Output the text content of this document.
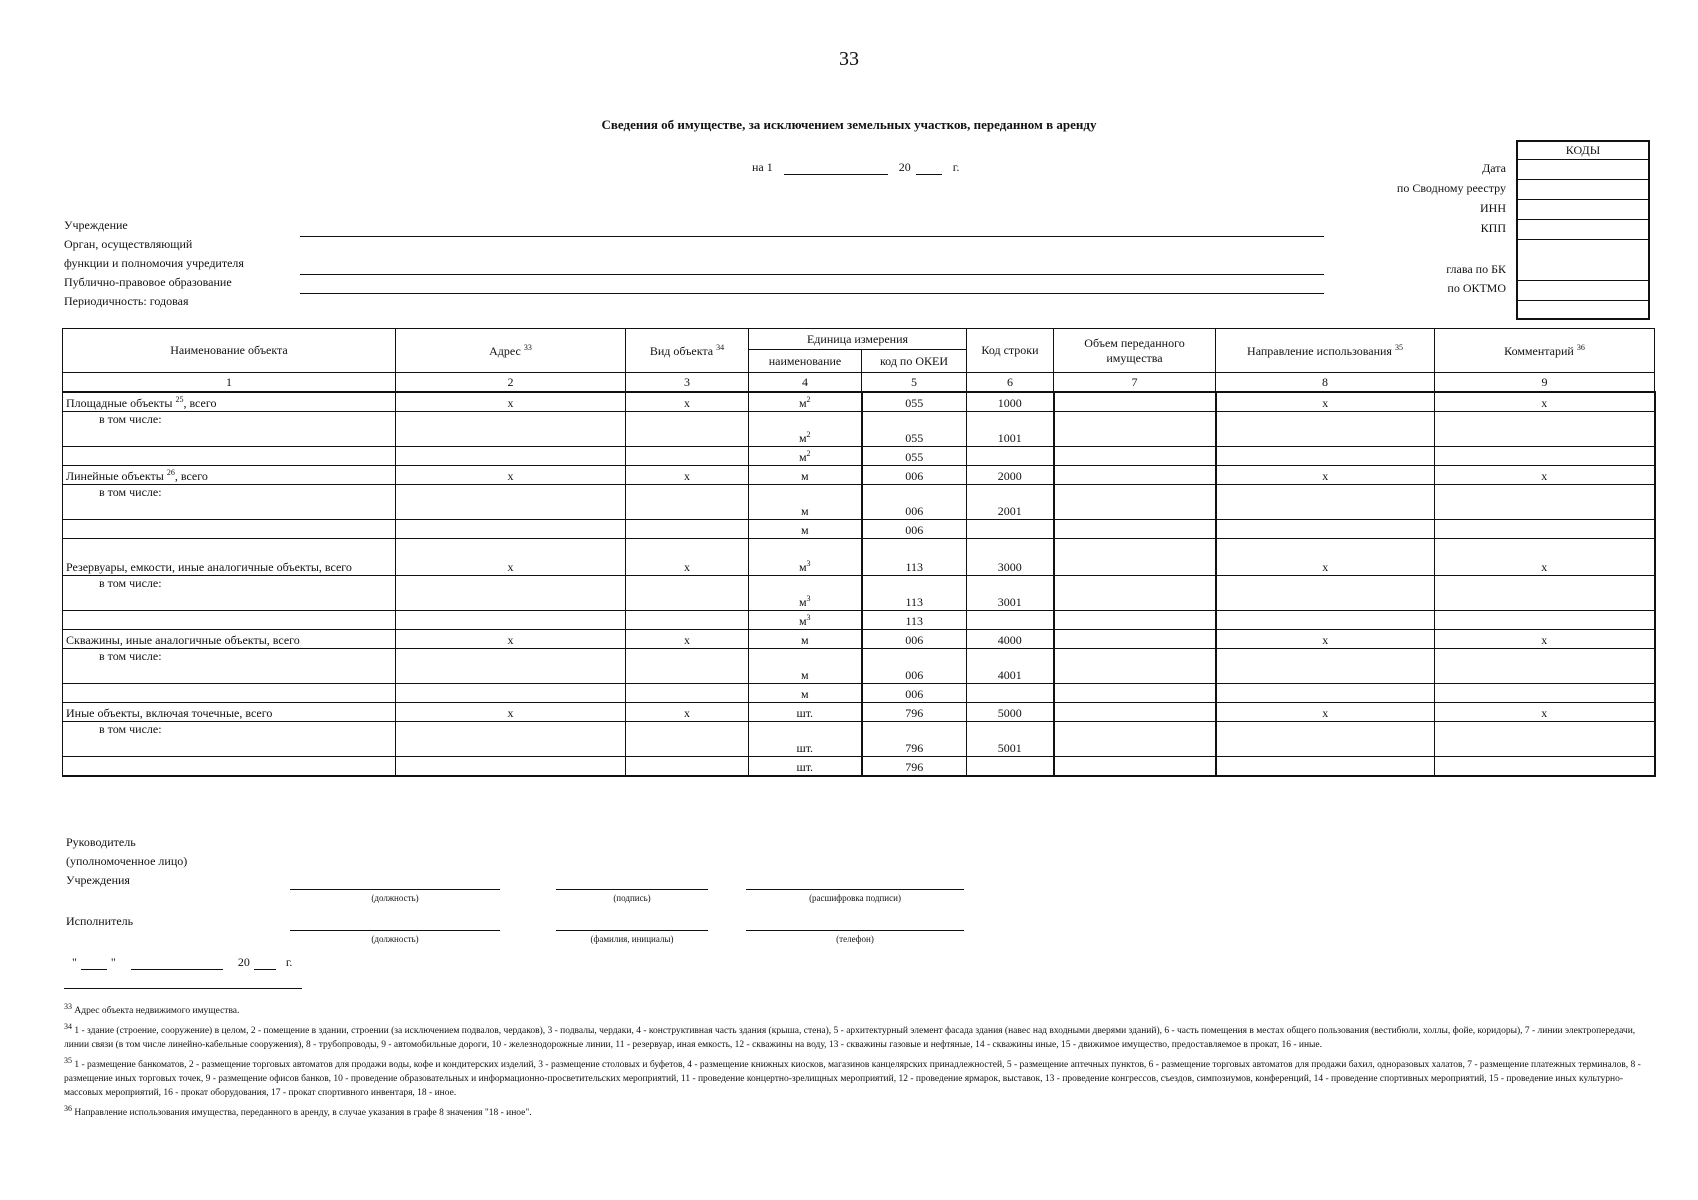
33
Сведения об имуществе, за исключением земельных участков, переданном в аренду
на 1	20	г.
Учреждение
Орган, осуществляющий
функции и полномочия учредителя
Публично-правовое образование
Периодичность: годовая
Дата
по Сводному реестру
ИНН
КПП
глава по БК
по ОКТМО
КОДЫ
Наименование объекта	Адрес $^{33}$	Вид объекта $^{34}$	Единица измерения		Код строки	Объем переданного имущества	Направление использования $^{35}$	Комментарий $^{36}$
			наименование	код по ОКЕИ				
1	2	3	4	5	6	7	8	9
Площадные объекты $^{25}$, всего	x	x	$м^2$	055	1000		x	x
в том числе:			$м^2$	055	1001			
			$м^2$	055				
Линейные объекты $^{26}$, всего	x	x	м	006	2000		x	x
в том числе:			м	006	2001			
			м	006				
Резервуары, емкости, иные аналогичные объекты, всего	x	x	$м^3$	113	3000		x	x
в том числе:			$м^3$	113	3001			
			$м^3$	113				
Скважины, иные аналогичные объекты, всего	x	x	м	006	4000		x	x
в том числе:			м	006	4001			
			м	006				
Иные объекты, включая точечные, всего	x	x	шт.	796	5000		x	x
в том числе:			шт.	796	5001			
			шт.	796				
Руководитель
(уполномоченное лицо)
Учреждения
(должность)	(подпись)	(расшифровка подписи)
Исполнитель
(должность)	(фамилия, инициалы)	(телефон)
"	"	20	г.
$^{33}$ Адрес объекта недвижимого имущества.
$^{34}$ 1 - здание (строение, сооружение) в целом, 2 - помещение в здании, строении (за исключением подвалов, чердаков), 3 - подвалы, чердаки, 4 - конструктивная часть здания (крыша, стена), 5 - архитектурный элемент фасада здания (навес над входными дверями зданий), 6 - часть помещения в местах общего пользования (вестибюли, холлы, фойе, коридоры), 7 - линии электропередачи, линии связи (в том числе линейно-кабельные сооружения), 8 - трубопроводы, 9 - автомобильные дороги, 10 - железнодорожные линии, 11 - резервуар, иная емкость, 12 - скважины на воду, 13 - скважины газовые и нефтяные, 14 - скважины иные, 15 - движимое имущество, предоставляемое в прокат, 16 - иные.
$^{35}$ 1 - размещение банкоматов, 2 - размещение торговых автоматов для продажи воды, кофе и кондитерских изделий, 3 - размещение столовых и буфетов, 4 - размещение книжных киосков, магазинов канцелярских принадлежностей, 5 - размещение аптечных пунктов, 6 - размещение торговых автоматов для продажи бахил, одноразовых халатов, 7 - размещение платежных терминалов, 8 - размещение иных торговых точек, 9 - размещение офисов банков, 10 - проведение образовательных и информационно-просветительских мероприятий, 11 - проведение концертно-зрелищных мероприятий, 12 - проведение ярмарок, выставок, 13 - проведение конгрессов, съездов, симпозиумов, конференций, 14 - проведение спортивных мероприятий, 15 - проведение иных культурно-массовых мероприятий, 16 - прокат оборудования, 17 - прокат спортивного инвентаря, 18 - иное.
$^{36}$ Направление использования имущества, переданного в аренду, в случае указания в графе 8 значения "18 - иное".
